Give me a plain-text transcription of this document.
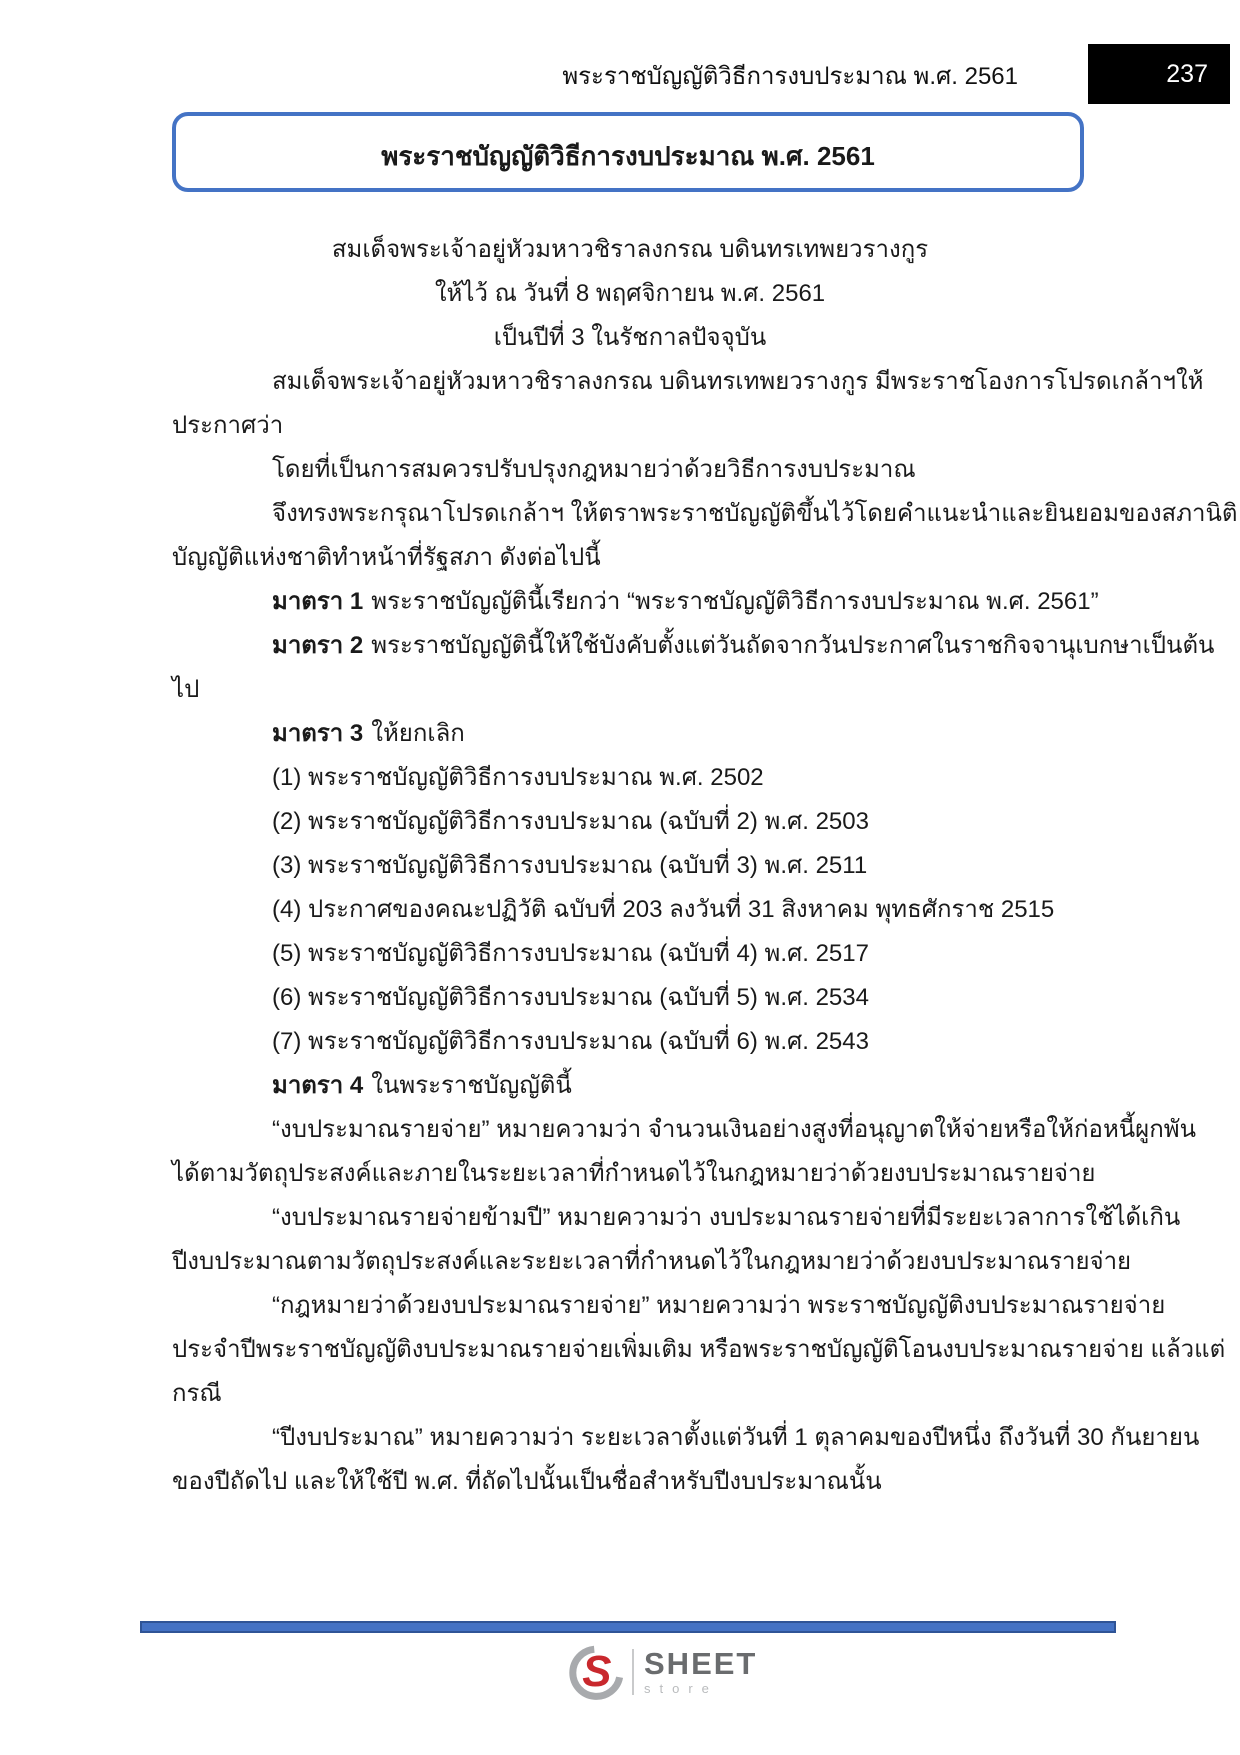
พระราชบัญญัติวิธีการงบประมาณ พ.ศ. 2561	237
พระราชบัญญัติวิธีการงบประมาณ พ.ศ. 2561
สมเด็จพระเจ้าอยู่หัวมหาวชิราลงกรณ บดินทรเทพยวรางกูร
ให้ไว้ ณ วันที่ 8 พฤศจิกายน พ.ศ. 2561
เป็นปีที่ 3 ในรัชกาลปัจจุบัน
สมเด็จพระเจ้าอยู่หัวมหาวชิราลงกรณ บดินทรเทพยวรางกูร มีพระราชโองการโปรดเกล้าฯให้
ประกาศว่า
โดยที่เป็นการสมควรปรับปรุงกฎหมายว่าด้วยวิธีการงบประมาณ
จึงทรงพระกรุณาโปรดเกล้าฯ ให้ตราพระราชบัญญัติขึ้นไว้โดยคำแนะนำและยินยอมของสภานิติ
บัญญัติแห่งชาติทำหน้าที่รัฐสภา ดังต่อไปนี้
มาตรา 1 พระราชบัญญัตินี้เรียกว่า “พระราชบัญญัติวิธีการงบประมาณ พ.ศ. 2561”
มาตรา 2 พระราชบัญญัตินี้ให้ใช้บังคับตั้งแต่วันถัดจากวันประกาศในราชกิจจานุเบกษาเป็นต้น
ไป
มาตรา 3 ให้ยกเลิก
(1) พระราชบัญญัติวิธีการงบประมาณ พ.ศ. 2502
(2) พระราชบัญญัติวิธีการงบประมาณ (ฉบับที่ 2) พ.ศ. 2503
(3) พระราชบัญญัติวิธีการงบประมาณ (ฉบับที่ 3) พ.ศ. 2511
(4) ประกาศของคณะปฏิวัติ ฉบับที่ 203 ลงวันที่ 31 สิงหาคม พุทธศักราช 2515
(5) พระราชบัญญัติวิธีการงบประมาณ (ฉบับที่ 4) พ.ศ. 2517
(6) พระราชบัญญัติวิธีการงบประมาณ (ฉบับที่ 5) พ.ศ. 2534
(7) พระราชบัญญัติวิธีการงบประมาณ (ฉบับที่ 6) พ.ศ. 2543
มาตรา 4 ในพระราชบัญญัตินี้
“งบประมาณรายจ่าย” หมายความว่า จำนวนเงินอย่างสูงที่อนุญาตให้จ่ายหรือให้ก่อหนี้ผูกพัน
ได้ตามวัตถุประสงค์และภายในระยะเวลาที่กำหนดไว้ในกฎหมายว่าด้วยงบประมาณรายจ่าย
“งบประมาณรายจ่ายข้ามปี” หมายความว่า งบประมาณรายจ่ายที่มีระยะเวลาการใช้ได้เกิน
ปีงบประมาณตามวัตถุประสงค์และระยะเวลาที่กำหนดไว้ในกฎหมายว่าด้วยงบประมาณรายจ่าย
“กฎหมายว่าด้วยงบประมาณรายจ่าย” หมายความว่า พระราชบัญญัติงบประมาณรายจ่าย
ประจำปีพระราชบัญญัติงบประมาณรายจ่ายเพิ่มเติม หรือพระราชบัญญัติโอนงบประมาณรายจ่าย แล้วแต่
กรณี
“ปีงบประมาณ” หมายความว่า ระยะเวลาตั้งแต่วันที่ 1 ตุลาคมของปีหนึ่ง ถึงวันที่ 30 กันยายน
ของปีถัดไป และให้ใช้ปี พ.ศ. ที่ถัดไปนั้นเป็นชื่อสำหรับปีงบประมาณนั้น
S SHEET
store
